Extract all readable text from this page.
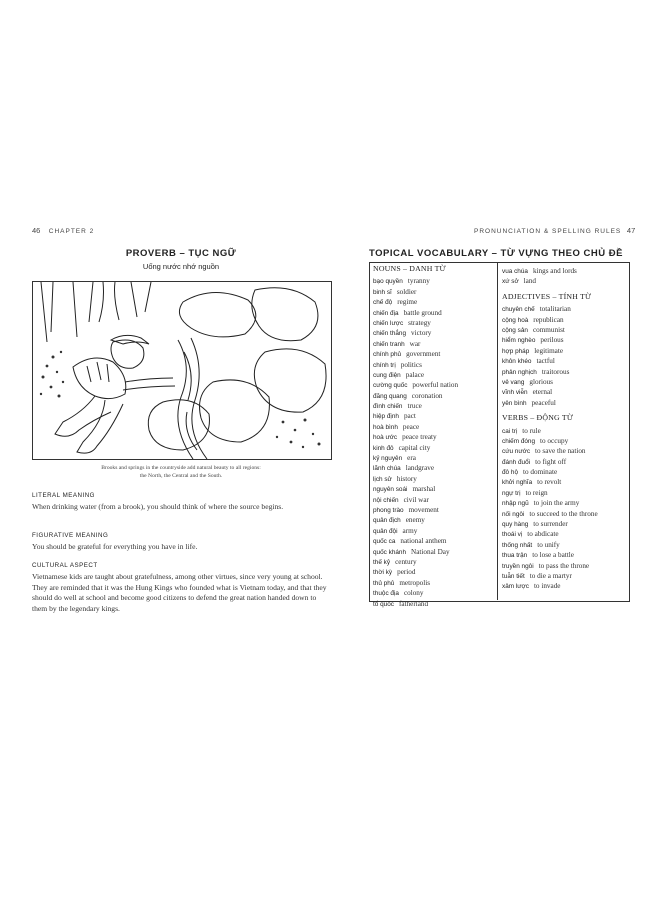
46 CHAPTER 2	PRONUNCIATION & SPELLING RULES 47
PROVERB – TỤC NGỮ
Uống nước nhớ nguồn
Brooks and springs in the countryside add natural beauty to all regions:
the North, the Central and the South.
LITERAL MEANING
When drinking water (from a brook), you should think of where the source begins.
FIGURATIVE MEANING
You should be grateful for everything you have in life.
CULTURAL ASPECT
Vietnamese kids are taught about gratefulness, among other virtues, since very young at school. They are reminded that it was the Hung Kings who founded what is Vietnam today, and that they should do well at school and become good citizens to defend the great nation handed down to them by the legendary kings.
TOPICAL VOCABULARY – TỪ VỰNG THEO CHỦ ĐỀ
NOUNS – DANH TỪ
bạo quyền tyranny
binh sĩ soldier
chế độ regime
chiến địa battle ground
chiến lược strategy
chiến thắng victory
chiến tranh war
chính phủ government
chính trị politics
cung điện palace
cường quốc powerful nation
đăng quang coronation
đình chiến truce
hiệp định pact
hoà bình peace
hoà ước peace treaty
kinh đô capital city
kỷ nguyên era
lãnh chúa landgrave
lịch sử history
nguyên soái marshal
nội chiến civil war
phong trào movement
quân địch enemy
quân đội army
quốc ca national anthem
quốc khánh National Day
thế kỷ century
thời kỳ period
thủ phủ metropolis
thuộc địa colony
tổ quốc fatherland
vua chúa kings and lords
xứ sở land
ADJECTIVES – TÍNH TỪ
chuyên chế totalitarian
cộng hoà republican
cộng sản communist
hiểm nghèo perilous
hợp pháp legitimate
khôn khéo tactful
phản nghịch traitorous
vẻ vang glorious
vĩnh viễn eternal
yên bình peaceful
VERBS – ĐỘNG TỪ
cai trị to rule
chiếm đóng to occupy
cứu nước to save the nation
đánh đuổi to fight off
đô hộ to dominate
khởi nghĩa to revolt
ngự trị to reign
nhập ngũ to join the army
nối ngôi to succeed to the throne
quy hàng to surrender
thoái vị to abdicate
thống nhất to unify
thua trận to lose a battle
truyền ngôi to pass the throne
tuẫn tiết to die a martyr
xâm lược to invade
